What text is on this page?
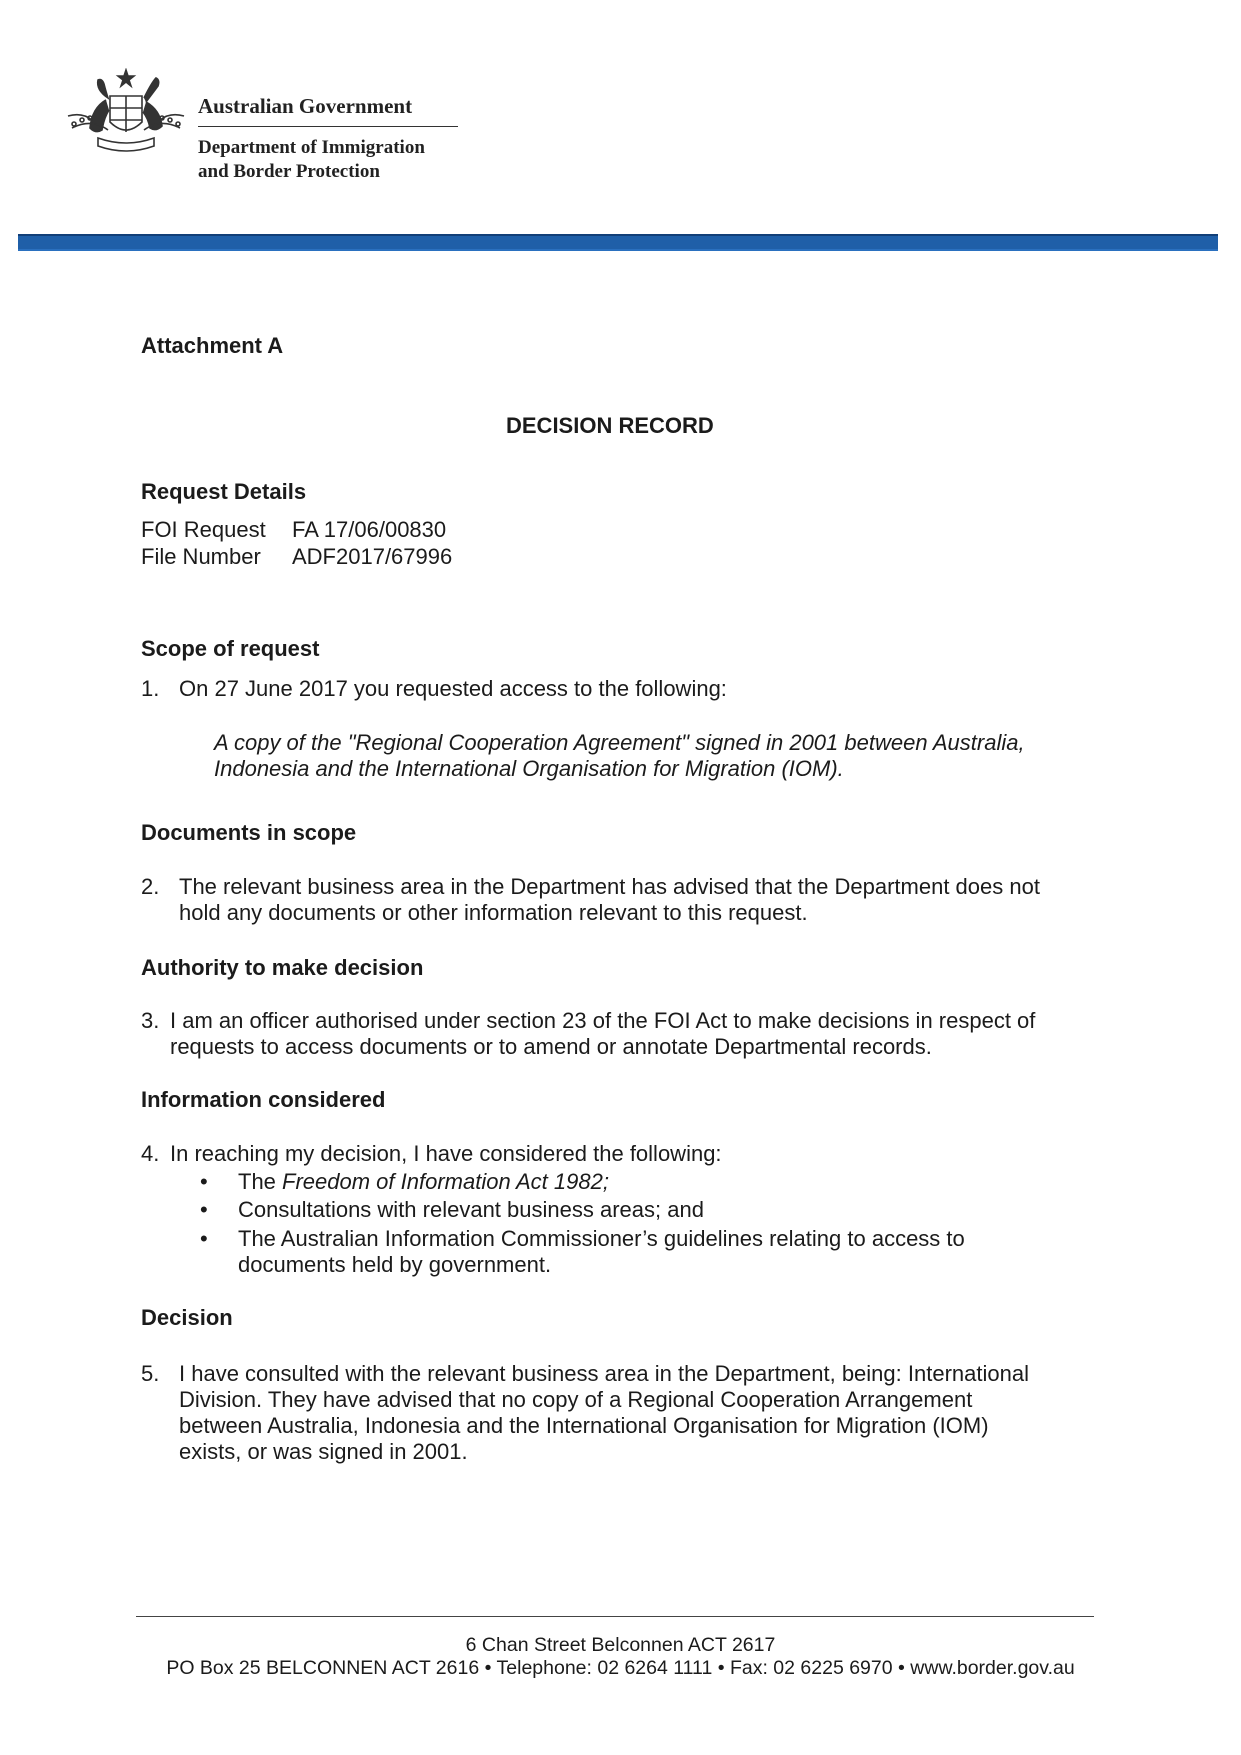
Australian Government
Department of Immigration
and Border Protection
Attachment A
DECISION RECORD
Request Details
FOI Request FA 17/06/00830
File Number ADF2017/67996
Scope of request
1. On 27 June 2017 you requested access to the following:
A copy of the "Regional Cooperation Agreement" signed in 2001 between Australia,
Indonesia and the International Organisation for Migration (IOM).
Documents in scope
2. The relevant business area in the Department has advised that the Department does not
hold any documents or other information relevant to this request.
Authority to make decision
3. I am an officer authorised under section 23 of the FOI Act to make decisions in respect of
requests to access documents or to amend or annotate Departmental records.
Information considered
4. In reaching my decision, I have considered the following:
• The Freedom of Information Act 1982;
• Consultations with relevant business areas; and
• The Australian Information Commissioner’s guidelines relating to access to
documents held by government.
Decision
5. I have consulted with the relevant business area in the Department, being: International
Division. They have advised that no copy of a Regional Cooperation Arrangement
between Australia, Indonesia and the International Organisation for Migration (IOM)
exists, or was signed in 2001.
6 Chan Street Belconnen ACT 2617
PO Box 25 BELCONNEN ACT 2616 • Telephone: 02 6264 1111 • Fax: 02 6225 6970 • www.border.gov.au
